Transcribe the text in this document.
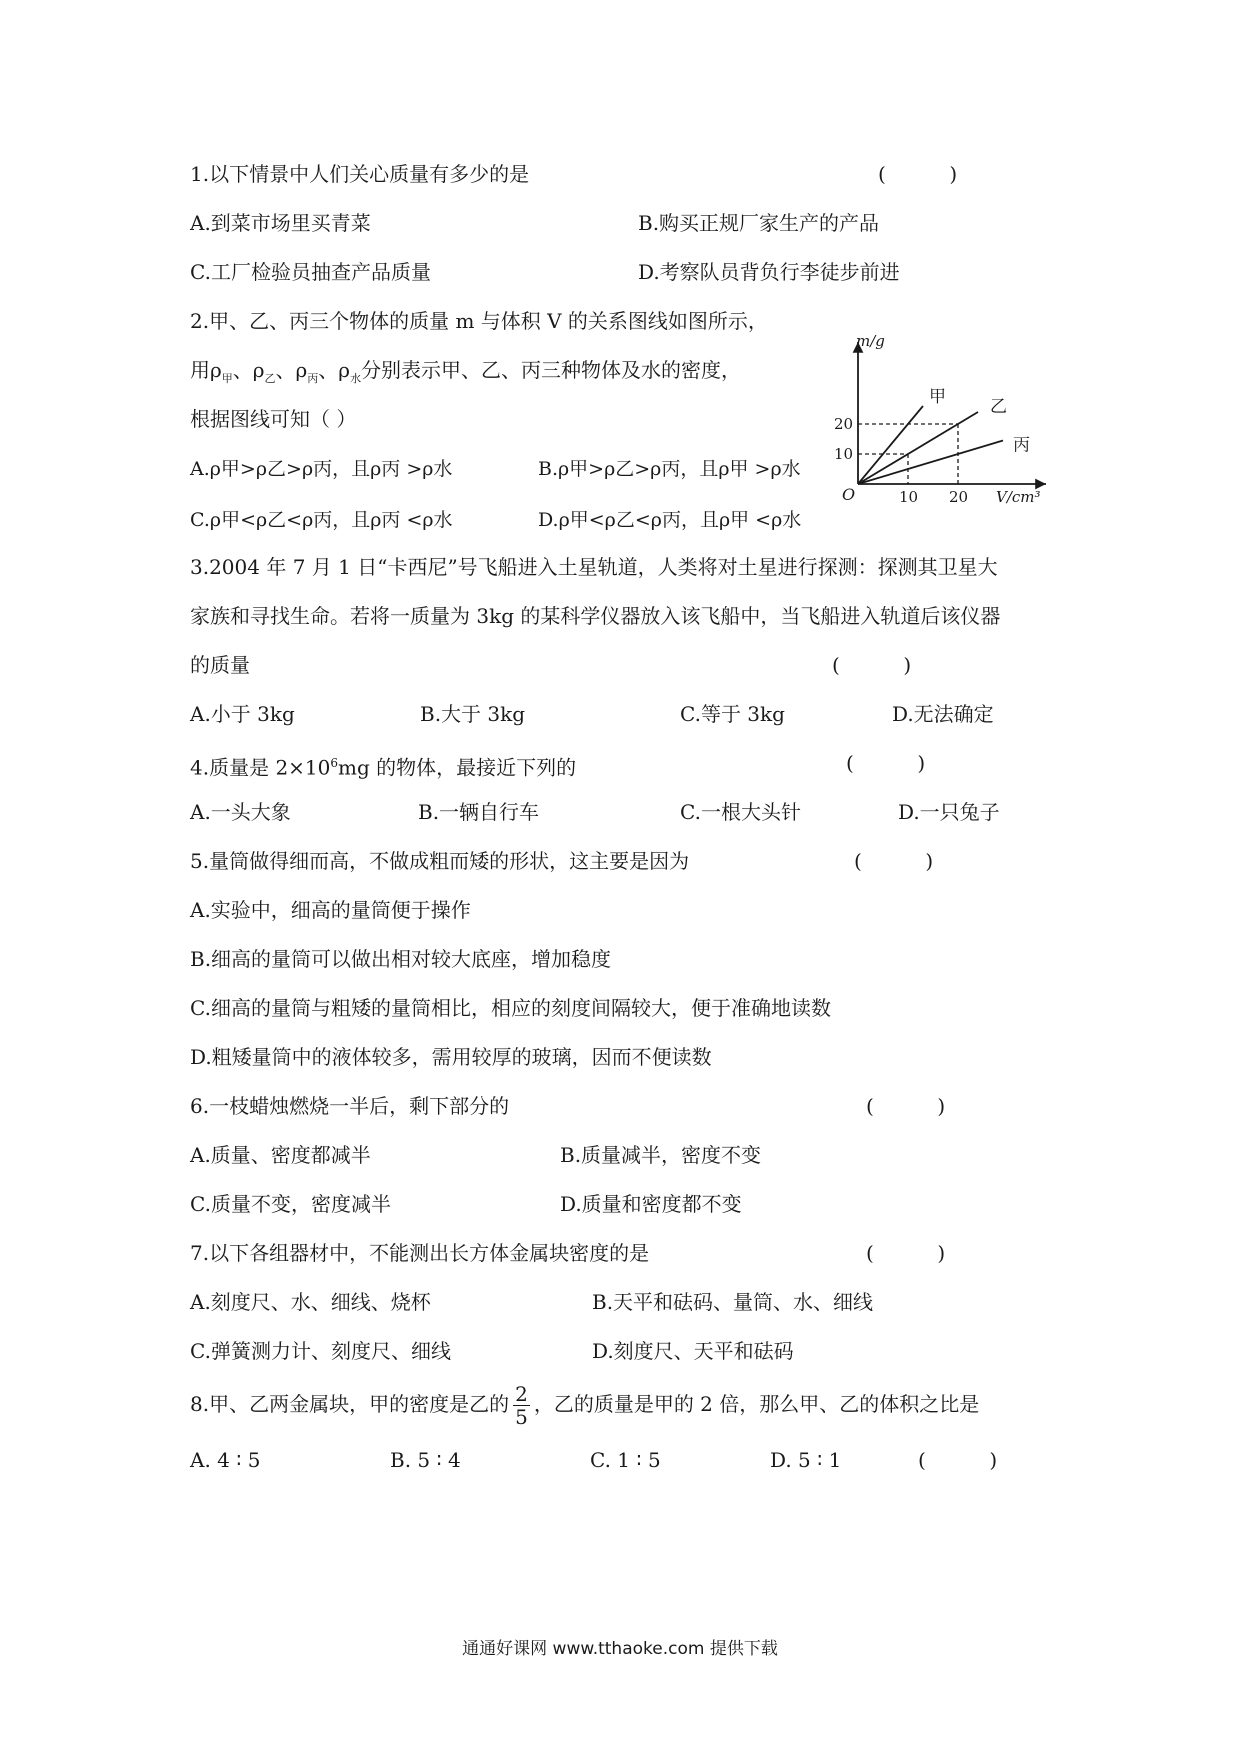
1.以下情景中人们关心质量有多少的是	(          )
A.到菜市场里买青菜	B.购买正规厂家生产的产品
C.工厂检验员抽查产品质量	D.考察队员背负行李徒步前进
2.甲、乙、丙三个物体的质量 m 与体积 V 的关系图线如图所示，
用$\rho_甲$、$\rho_乙$、$\rho_丙$、$\rho_水$分别表示甲、乙、丙三种物体及水的密度，
根据图线可知（ ）
A.ρ甲>ρ乙>ρ丙，且ρ丙 >ρ水	B.ρ甲>ρ乙>ρ丙，且ρ甲 >ρ水
C.ρ甲<ρ乙<ρ丙，且ρ丙 <ρ水	D.ρ甲<ρ乙<ρ丙，且ρ甲 <ρ水
m/g
V/cm³
O
甲	乙
丙
10 20
10
20
3.2004 年 7 月 1 日“卡西尼”号飞船进入土星轨道，人类将对土星进行探测：探测其卫星大
家族和寻找生命。若将一质量为 3kg 的某科学仪器放入该飞船中，当飞船进入轨道后该仪器
的质量	(          )
A.小于 3kg	B.大于 3kg	C.等于 3kg	D.无法确定
4.质量是 $2\times 10^6mg$ 的物体，最接近下列的	(          )
A.一头大象	B.一辆自行车	C.一根大头针	D.一只兔子
5.量筒做得细而高，不做成粗而矮的形状，这主要是因为	(          )
A.实验中，细高的量筒便于操作
B.细高的量筒可以做出相对较大底座，增加稳度
C.细高的量筒与粗矮的量筒相比，相应的刻度间隔较大，便于准确地读数
D.粗矮量筒中的液体较多，需用较厚的玻璃，因而不便读数
6.一枝蜡烛燃烧一半后，剩下部分的	(          )
A.质量、密度都减半	B.质量减半，密度不变
C.质量不变，密度减半	D.质量和密度都不变
7.以下各组器材中，不能测出长方体金属块密度的是	(          )
A.刻度尺、水、细线、烧杯	B.天平和砝码、量筒、水、细线
C.弹簧测力计、刻度尺、细线	D.刻度尺、天平和砝码
8.甲、乙两金属块，甲的密度是乙的 $\frac{2}{5}$ ，乙的质量是甲的 2 倍，那么甲、乙的体积之比是
A. 4 ∶ 5	B. 5 ∶ 4	C. 1 ∶ 5	D. 5 ∶ 1	(          )
通通好课网 www.tthaoke.com 提供下载
